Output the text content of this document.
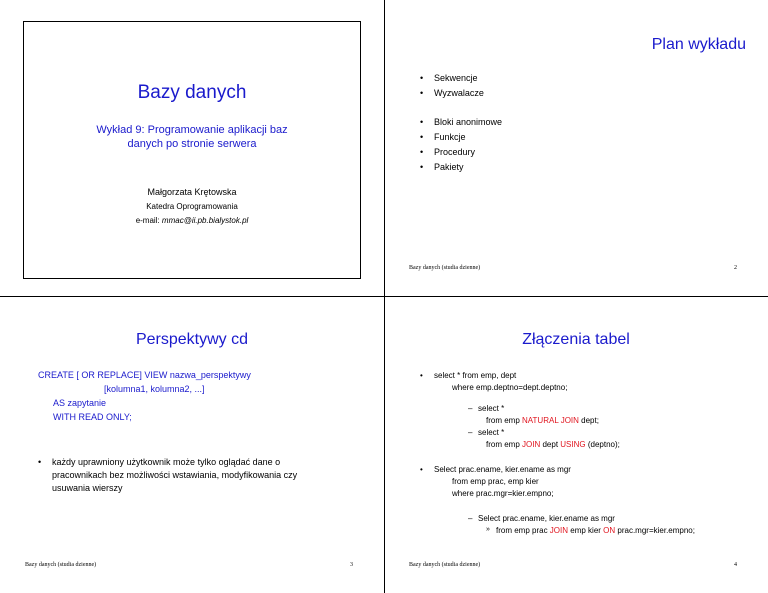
Bazy danych
Wykład 9: Programowanie aplikacji baz
danych po stronie serwera
Małgorzata Krętowska
Katedra Oprogramowania
e-mail: mmac@ii.pb.bialystok.pl
Plan wykładu
• Sekwencje
• Wyzwalacze
• Bloki anonimowe
• Funkcje
• Procedury
• Pakiety
Bazy danych (studia dzienne)	2
Perspektywy cd
CREATE [ OR REPLACE] VIEW nazwa_perspektywy
[kolumna1, kolumna2, ...]
AS zapytanie
WITH READ ONLY;
• każdy uprawniony użytkownik może tylko oglądać dane o
pracownikach bez możliwości wstawiania, modyfikowania czy
usuwania wierszy
Bazy danych (studia dzienne)	3
Złączenia tabel
• select * from emp, dept
where emp.deptno=dept.deptno;
– select *
from emp NATURAL JOIN dept;
– select *
from emp JOIN dept USING (deptno);
• Select prac.ename, kier.ename as mgr
from emp prac, emp kier
where prac.mgr=kier.empno;
– Select prac.ename, kier.ename as mgr
» from emp prac JOIN emp kier ON prac.mgr=kier.empno;
Bazy danych (studia dzienne)	4
